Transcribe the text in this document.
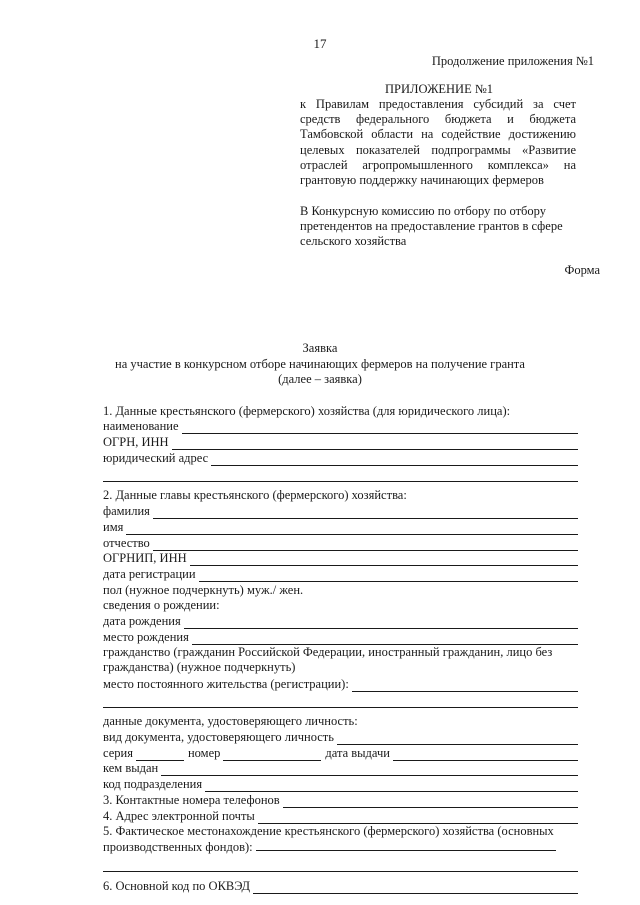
17
Продолжение приложения №1
ПРИЛОЖЕНИЕ №1
к Правилам предоставления субсидий за счет средств федерального бюджета и бюджета Тамбовской области на содействие достижению целевых показателей подпрограммы «Развитие отраслей агропромышленного комплекса» на грантовую поддержку начинающих фермеров
В Конкурсную комиссию по отбору по отбору претендентов на предоставление грантов в сфере сельского хозяйства
Форма
Заявка
на участие в конкурсном отборе начинающих фермеров на получение гранта
(далее – заявка)
1. Данные крестьянского (фермерского) хозяйства (для юридического лица):
наименование
ОГРН, ИНН
юридический адрес
2. Данные главы крестьянского (фермерского) хозяйства:
фамилия
имя
отчество
ОГРНИП, ИНН
дата регистрации
пол (нужное подчеркнуть) муж./ жен.
сведения о рождении:
дата рождения
место рождения
гражданство (гражданин Российской Федерации, иностранный гражданин, лицо без гражданства) (нужное подчеркнуть)
место постоянного жительства (регистрации):
данные документа, удостоверяющего личность:
вид документа, удостоверяющего личность
серия	номер	дата выдачи
кем выдан
код подразделения
3. Контактные номера телефонов
4. Адрес электронной почты
5. Фактическое местонахождение крестьянского (фермерского) хозяйства (основных производственных фондов):
6. Основной код по ОКВЭД
